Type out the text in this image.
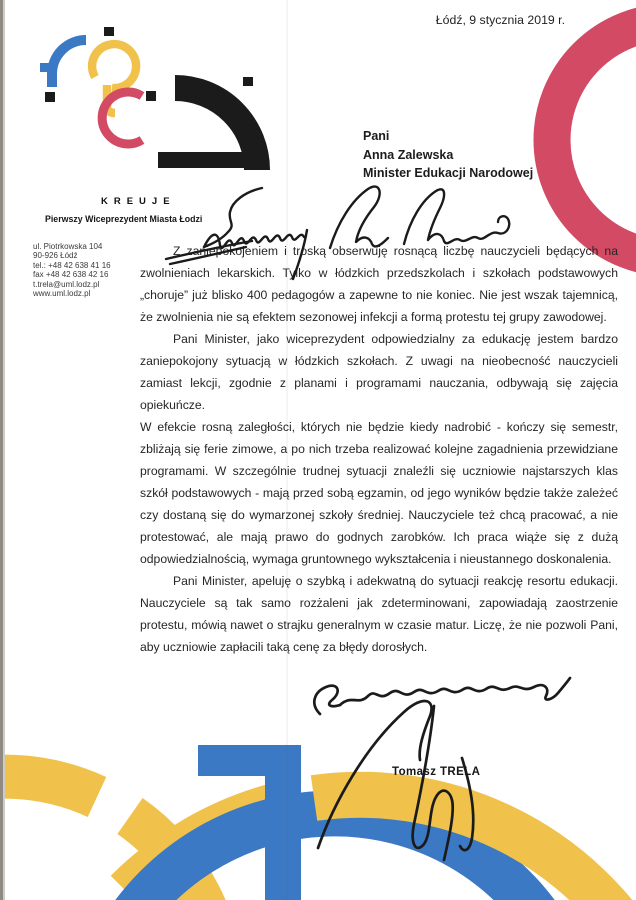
KREUJE
Łódź, 9 stycznia 2019 r.
Pani
Anna Zalewska
Minister Edukacji Narodowej
Pierwszy Wiceprezydent Miasta Łodzi
ul. Piotrkowska 104
90-926 Łódź
tel.: +48 42 638 41 16
fax +48 42 638 42 16
t.trela@uml.lodz.pl
www.uml.lodz.pl

Z zaniepokojeniem i troską obserwuję rosnącą liczbę nauczycieli będących na zwolnieniach lekarskich. Tylko w łódzkich przedszkolach i szkołach podstawowych „choruje” już blisko 400 pedagogów a zapewne to nie koniec. Nie jest wszak tajemnicą, że zwolnienia nie są efektem sezonowej infekcji a formą protestu tej grupy zawodowej.

Pani Minister, jako wiceprezydent odpowiedzialny za edukację jestem bardzo zaniepokojony sytuacją w łódzkich szkołach. Z uwagi na nieobecność nauczycieli zamiast lekcji, zgodnie z planami i programami nauczania, odbywają się zajęcia opiekuńcze.

W efekcie rosną zaległości, których nie będzie kiedy nadrobić - kończy się semestr, zbliżają się ferie zimowe, a po nich trzeba realizować kolejne zagadnienia przewidziane programami. W szczególnie trudnej sytuacji znaleźli się uczniowie najstarszych klas szkół podstawowych - mają przed sobą egzamin, od jego wyników będzie także zależeć czy dostaną się do wymarzonej szkoły średniej. Nauczyciele też chcą pracować, a nie protestować, ale mają prawo do godnych zarobków. Ich praca wiąże się z dużą odpowiedzialnością, wymaga gruntownego wykształcenia i nieustannego doskonalenia.

Pani Minister, apeluję o szybką i adekwatną do sytuacji reakcję resortu edukacji. Nauczyciele są tak samo rozżaleni jak zdeterminowani, zapowiadają zaostrzenie protestu, mówią nawet o strajku generalnym w czasie matur. Liczę, że nie pozwoli Pani, aby uczniowie zapłacili taką cenę za błędy dorosłych.

Tomasz TRELA
